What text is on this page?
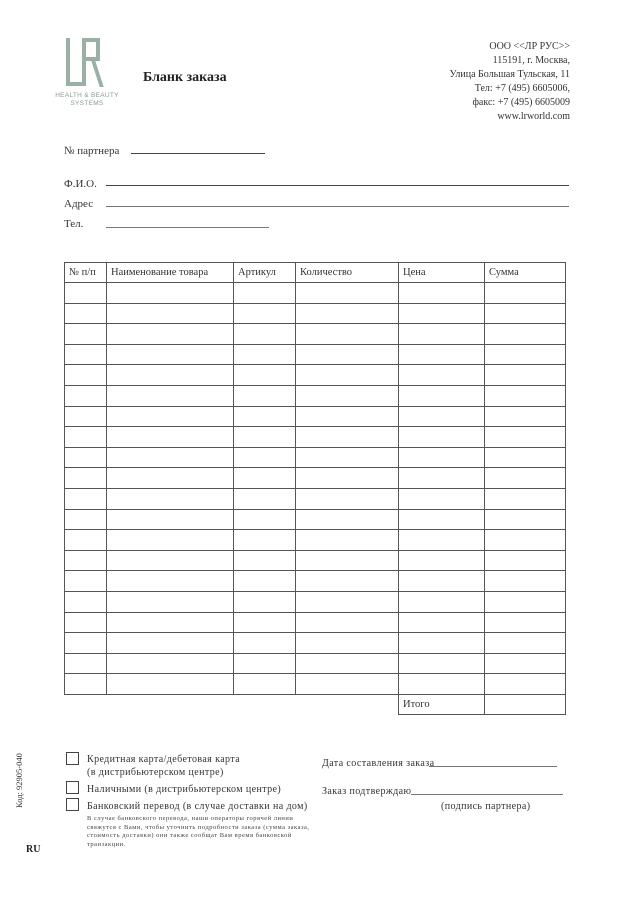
HEALTH & BEAUTY
SYSTEMS
Бланк заказа
ООО <<ЛР РУС>>
115191, г. Москва,
Улица Большая Тульская, 11
Тел: +7 (495) 6605006,
факс: +7 (495) 6605009
www.lrworld.com
№ партнера
Ф.И.О.
Адрес
Тел.
№ п/п	Наименование товара	Артикул	Количество	Цена	Сумма

				Итого	
Кредитная карта/дебетовая карта
(в дистрибьютерском центре)
Наличными (в дистрибьютерском центре)
Банковский перевод (в случае доставки на дом)
В случае банковского перевода, наши операторы горячей линии свяжутся с Вами, чтобы уточнить подробности заказа (сумма заказа, стоимость доставки) они также сообщат Вам время банковской транзакции.
Дата составления заказа
Заказ подтверждаю
(подпись партнера)
Код: 92905-040
RU
